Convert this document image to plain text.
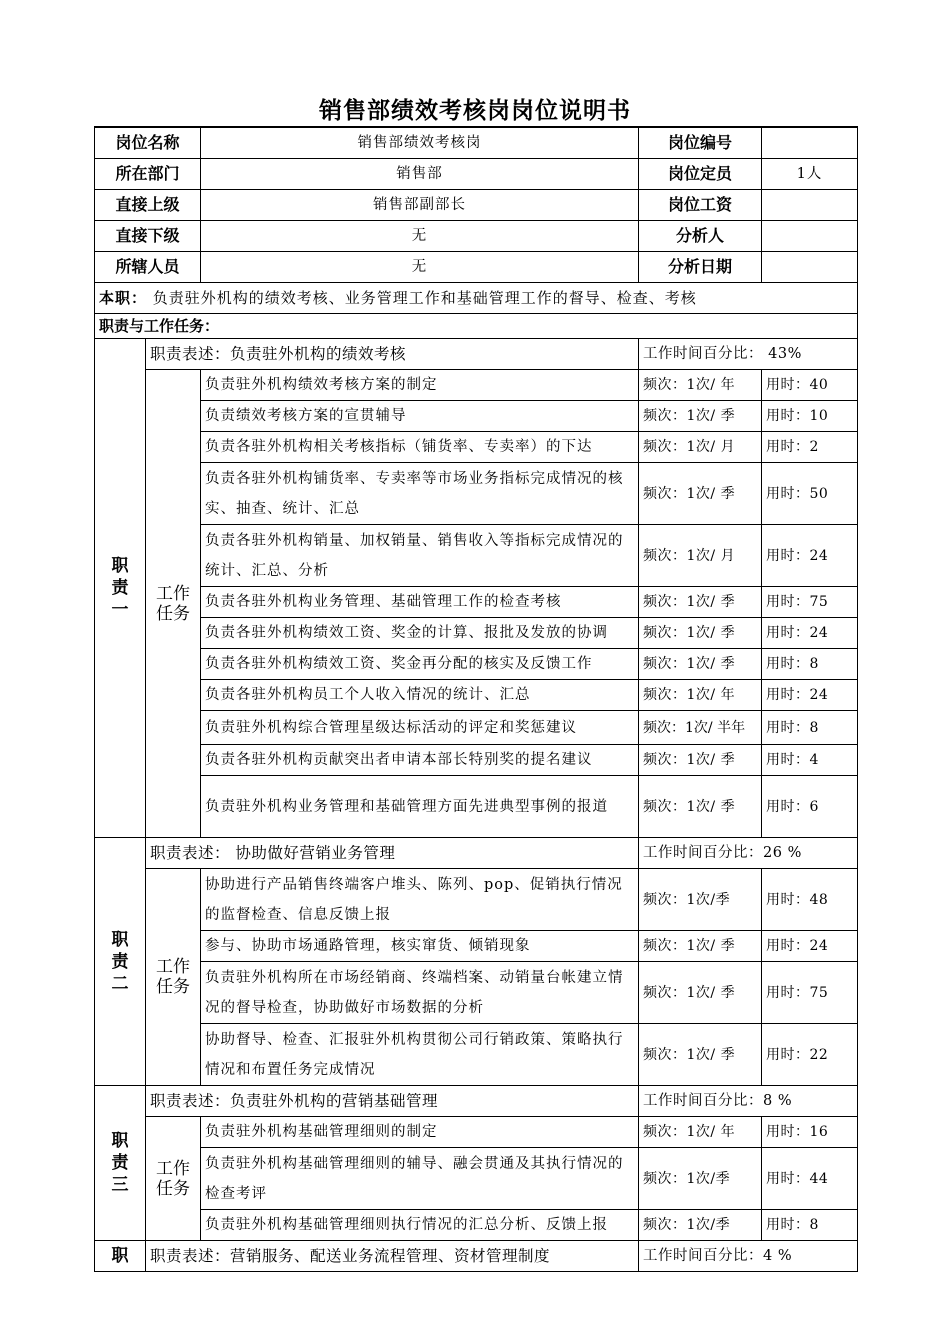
销售部绩效考核岗岗位说明书
岗位名称		销售部绩效考核岗	岗位编号	
所在部门		销售部	岗位定员	1人
直接上级		销售部副部长	岗位工资	
直接下级		无	分析人	
所辖人员		无	分析日期	
本职： 负责驻外机构的绩效考核、业务管理工作和基础管理工作的督导、检查、考核				
职责与工作任务：				
职责一	职责表述：负责驻外机构的绩效考核		工作时间百分比： 43%	
	工作任务	负责驻外机构绩效考核方案的制定	频次：1次/ 年	用时：40
		负责绩效考核方案的宣贯辅导	频次：1次/ 季	用时：10
		负责各驻外机构相关考核指标（铺货率、专卖率）的下达	频次：1次/ 月	用时：2
		负责各驻外机构铺货率、专卖率等市场业务指标完成情况的核实、抽查、统计、汇总	频次：1次/ 季	用时：50
		负责各驻外机构销量、加权销量、销售收入等指标完成情况的统计、汇总、分析	频次：1次/ 月	用时：24
		负责各驻外机构业务管理、基础管理工作的检查考核	频次：1次/ 季	用时：75
		负责各驻外机构绩效工资、奖金的计算、报批及发放的协调	频次：1次/ 季	用时：24
		负责各驻外机构绩效工资、奖金再分配的核实及反馈工作	频次：1次/ 季	用时：8
		负责各驻外机构员工个人收入情况的统计、汇总	频次：1次/ 年	用时：24
		负责驻外机构综合管理星级达标活动的评定和奖惩建议	频次：1次/ 半年	用时：8
		负责各驻外机构贡献突出者申请本部长特别奖的提名建议	频次：1次/ 季	用时：4
		负责驻外机构业务管理和基础管理方面先进典型事例的报道	频次：1次/ 季	用时：6
职责二	职责表述： 协助做好营销业务管理		工作时间百分比：26 %	
	工作任务	协助进行产品销售终端客户堆头、陈列、pop、促销执行情况的监督检查、信息反馈上报	频次：1次/季	用时：48
		参与、协助市场通路管理，核实窜货、倾销现象	频次：1次/ 季	用时：24
		负责驻外机构所在市场经销商、终端档案、动销量台帐建立情况的督导检查，协助做好市场数据的分析	频次：1次/ 季	用时：75
		协助督导、检查、汇报驻外机构贯彻公司行销政策、策略执行情况和布置任务完成情况	频次：1次/ 季	用时：22
职责三	职责表述：负责驻外机构的营销基础管理		工作时间百分比：8 %	
	工作任务	负责驻外机构基础管理细则的制定	频次：1次/ 年	用时：16
		负责驻外机构基础管理细则的辅导、融会贯通及其执行情况的检查考评	频次：1次/季	用时：44
		负责驻外机构基础管理细则执行情况的汇总分析、反馈上报	频次：1次/季	用时：8
职	职责表述：营销服务、配送业务流程管理、资材管理制度		工作时间百分比：4 %	
